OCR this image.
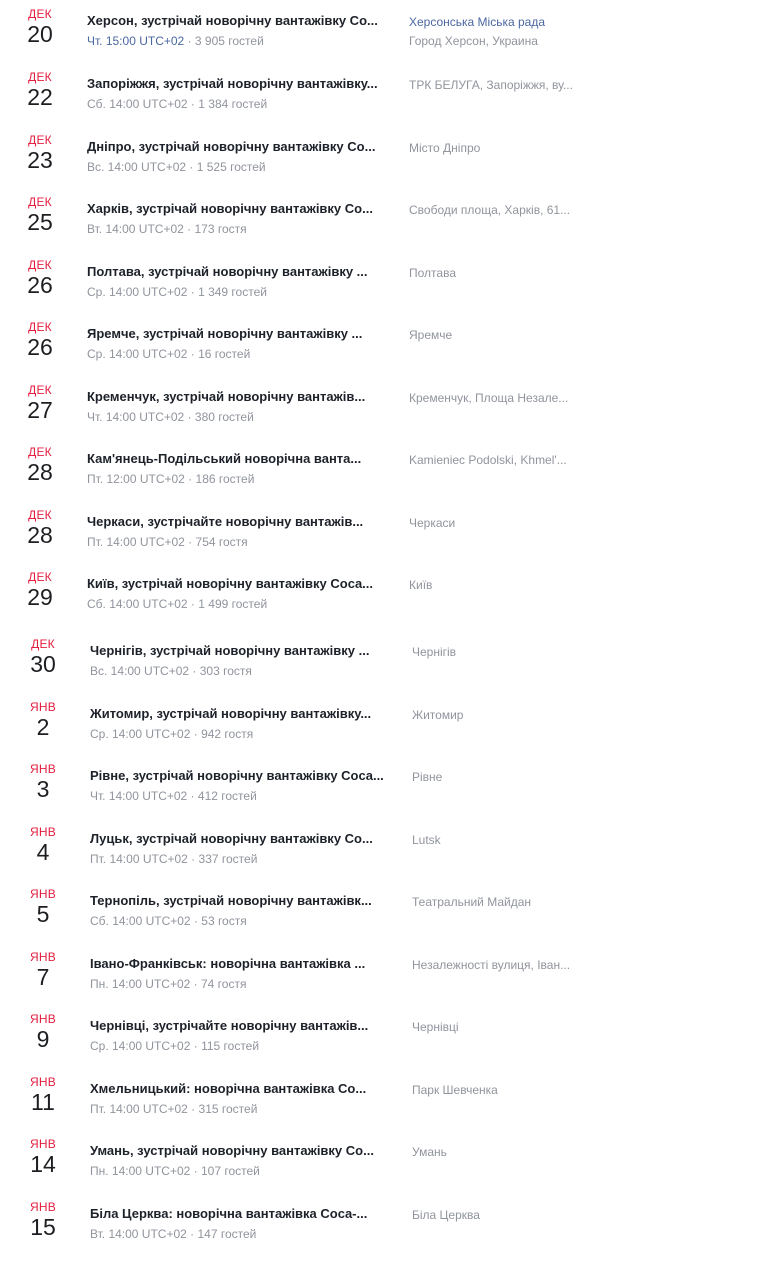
ДЕК
20
Херсон, зустрічай новорічну вантажівку Сo...
Чт. 15:00 UTC+02 · 3 905 гостей
Херсонська Міська рада
Город Херсон, Украина
ДЕК
22
Запоріжжя, зустрічай новорічну вантажівку...
Сб. 14:00 UTC+02 · 1 384 гостей
ТРК БЕЛУГА, Запоріжжя, ву...
ДЕК
23
Дніпро, зустрічай новорічну вантажівку Co...
Вс. 14:00 UTC+02 · 1 525 гостей
Місто Дніпро
ДЕК
25
Харків, зустрічай новорічну вантажівку Co...
Вт. 14:00 UTC+02 · 173 гостя
Свободи площа, Харків, 61...
ДЕК
26
Полтава, зустрічай новорічну вантажівку ...
Ср. 14:00 UTC+02 · 1 349 гостей
Полтава
ДЕК
26
Яремче, зустрічай новорічну вантажівку ...
Ср. 14:00 UTC+02 · 16 гостей
Яремче
ДЕК
27
Кременчук, зустрічай новорічну вантажів...
Чт. 14:00 UTC+02 · 380 гостей
Кременчук, Площа Незале...
ДЕК
28
Кам'янець-Подільський новорічна ванта...
Пт. 12:00 UTC+02 · 186 гостей
Kamieniec Podolski, Khmel'...
ДЕК
28
Черкаси, зустрічайте новорічну вантажів...
Пт. 14:00 UTC+02 · 754 гостя
Черкаси
ДЕК
29
Київ, зустрічай новорічну вантажівку Coca...
Сб. 14:00 UTC+02 · 1 499 гостей
Київ
ДЕК
30
Чернігів, зустрічай новорічну вантажівку ...
Вс. 14:00 UTC+02 · 303 гостя
Чернігів
ЯНВ
2
Житомир, зустрічай новорічну вантажівку...
Ср. 14:00 UTC+02 · 942 гостя
Житомир
ЯНВ
3
Рівне, зустрічай новорічну вантажівку Coca...
Чт. 14:00 UTC+02 · 412 гостей
Рівне
ЯНВ
4
Луцьк, зустрічай новорічну вантажівку Co...
Пт. 14:00 UTC+02 · 337 гостей
Lutsk
ЯНВ
5
Тернопіль, зустрічай новорічну вантажівк...
Сб. 14:00 UTC+02 · 53 гостя
Театральний Майдан
ЯНВ
7
Івано-Франківськ: новорічна вантажівка ...
Пн. 14:00 UTC+02 · 74 гостя
Незалежності вулиця, Іван...
ЯНВ
9
Чернівці, зустрічайте новорічну вантажів...
Ср. 14:00 UTC+02 · 115 гостей
Чернівці
ЯНВ
11
Хмельницький: новорічна вантажівка Co...
Пт. 14:00 UTC+02 · 315 гостей
Парк Шевченка
ЯНВ
14
Умань, зустрічай новорічну вантажівку Co...
Пн. 14:00 UTC+02 · 107 гостей
Умань
ЯНВ
15
Біла Церква: новорічна вантажівка Coca-...
Вт. 14:00 UTC+02 · 147 гостей
Біла Церква
